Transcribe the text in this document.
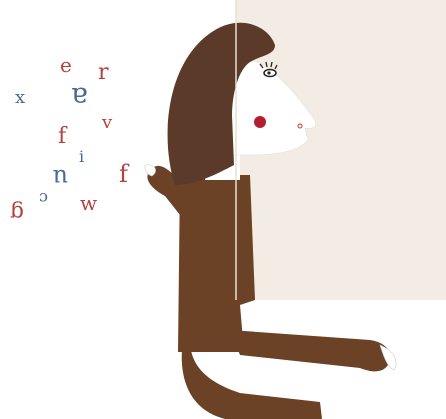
r
e
x a
f
v
f
i
u
w
c
g
